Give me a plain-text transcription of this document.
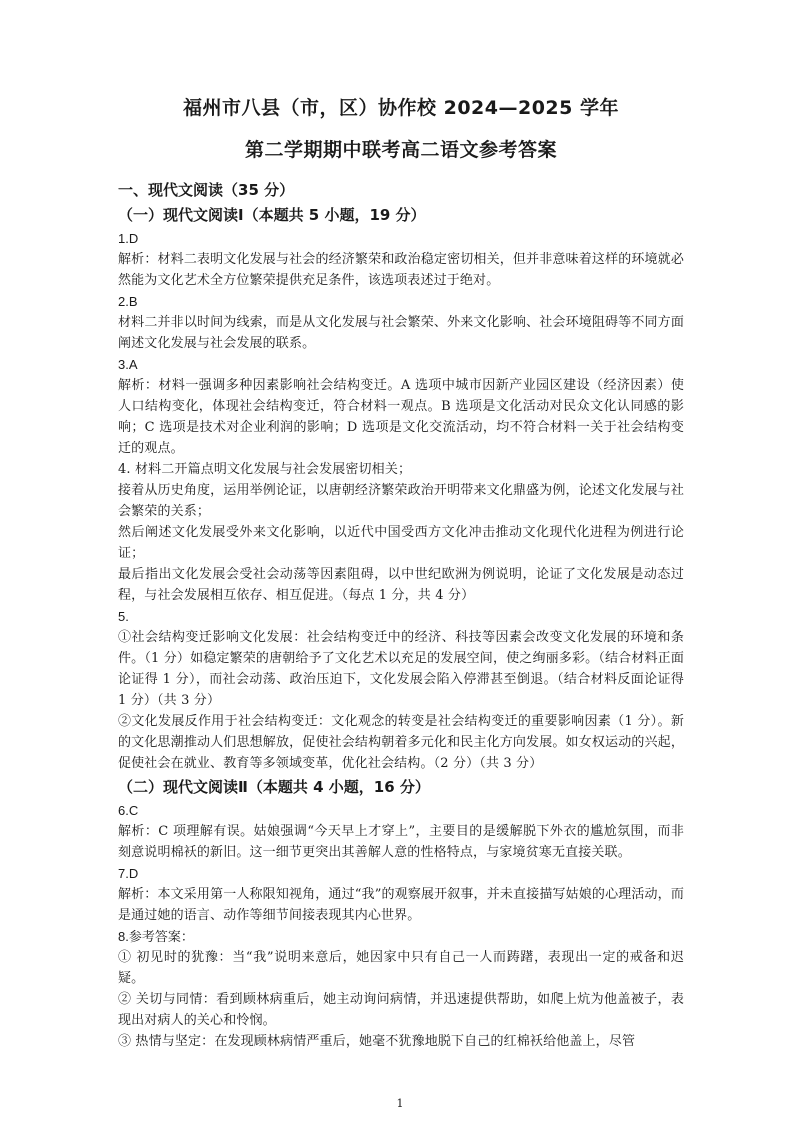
福州市八县（市，区）协作校 2024—2025 学年

第二学期期中联考高二语文参考答案

一、现代文阅读（35 分）

（一）现代文阅读Ⅰ（本题共 5 小题，19 分）

1.D

解析：材料二表明文化发展与社会的经济繁荣和政治稳定密切相关，但并非意味着这样的环境就必然能为文化艺术全方位繁荣提供充足条件，该选项表述过于绝对。

2.B

材料二并非以时间为线索，而是从文化发展与社会繁荣、外来文化影响、社会环境阻碍等不同方面阐述文化发展与社会发展的联系。

3.A

解析：材料一强调多种因素影响社会结构变迁。A 选项中城市因新产业园区建设（经济因素）使人口结构变化，体现社会结构变迁，符合材料一观点。B 选项是文化活动对民众文化认同感的影响；C 选项是技术对企业利润的影响；D 选项是文化交流活动，均不符合材料一关于社会结构变迁的观点。

4. 材料二开篇点明文化发展与社会发展密切相关；

接着从历史角度，运用举例论证，以唐朝经济繁荣政治开明带来文化鼎盛为例，论述文化发展与社会繁荣的关系；

然后阐述文化发展受外来文化影响，以近代中国受西方文化冲击推动文化现代化进程为例进行论证；

最后指出文化发展会受社会动荡等因素阻碍，以中世纪欧洲为例说明，论证了文化发展是动态过程，与社会发展相互依存、相互促进。（每点 1 分，共 4 分）

5.

①社会结构变迁影响文化发展：社会结构变迁中的经济、科技等因素会改变文化发展的环境和条件。（1 分）如稳定繁荣的唐朝给予了文化艺术以充足的发展空间，使之绚丽多彩。（结合材料正面论证得 1 分），而社会动荡、政治压迫下，文化发展会陷入停滞甚至倒退。（结合材料反面论证得 1 分）（共 3 分）

②文化发展反作用于社会结构变迁：文化观念的转变是社会结构变迁的重要影响因素（1 分）。新的文化思潮推动人们思想解放，促使社会结构朝着多元化和民主化方向发展。如女权运动的兴起，促使社会在就业、教育等多领域变革，优化社会结构。（2 分）（共 3 分）

（二）现代文阅读Ⅱ（本题共 4 小题，16 分）

6.C

解析：C 项理解有误。姑娘强调“今天早上才穿上”，主要目的是缓解脱下外衣的尴尬氛围，而非刻意说明棉袄的新旧。这一细节更突出其善解人意的性格特点，与家境贫寒无直接关联。

7.D

解析：本文采用第一人称限知视角，通过“我”的观察展开叙事，并未直接描写姑娘的心理活动，而是通过她的语言、动作等细节间接表现其内心世界。

8.参考答案：

① 初见时的犹豫：当“我”说明来意后，她因家中只有自己一人而踌躇，表现出一定的戒备和迟疑。

② 关切与同情：看到顾林病重后，她主动询问病情，并迅速提供帮助，如爬上炕为他盖被子，表现出对病人的关心和怜悯。

③ 热情与坚定：在发现顾林病情严重后，她毫不犹豫地脱下自己的红棉袄给他盖上，尽管

1
